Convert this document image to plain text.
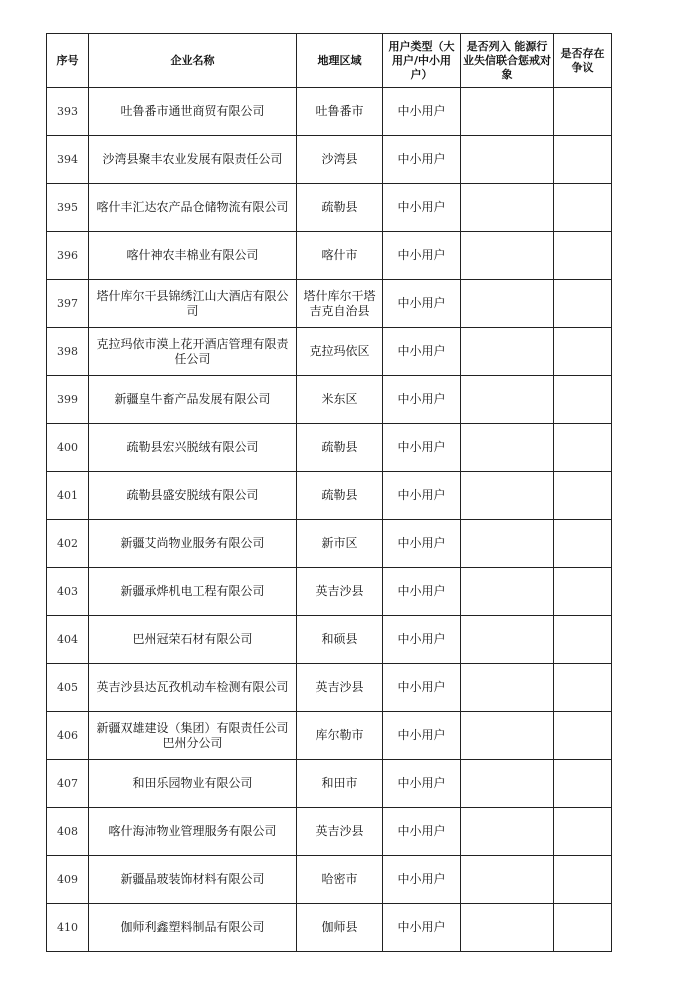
序号	企业名称	地理区域	用户类型（大用户/中小用户）	是否列入 能源行业失信联合惩戒对象	是否存在争议
393	吐鲁番市通世商贸有限公司	吐鲁番市	中小用户		
394	沙湾县聚丰农业发展有限责任公司	沙湾县	中小用户		
395	喀什丰汇达农产品仓储物流有限公司	疏勒县	中小用户		
396	喀什神农丰棉业有限公司	喀什市	中小用户		
397	塔什库尔干县锦绣江山大酒店有限公司	塔什库尔干塔吉克自治县	中小用户		
398	克拉玛依市漠上花开酒店管理有限责任公司	克拉玛依区	中小用户		
399	新疆皇牛畜产品发展有限公司	米东区	中小用户		
400	疏勒县宏兴脱绒有限公司	疏勒县	中小用户		
401	疏勒县盛安脱绒有限公司	疏勒县	中小用户		
402	新疆艾尚物业服务有限公司	新市区	中小用户		
403	新疆承烨机电工程有限公司	英吉沙县	中小用户		
404	巴州冠荣石材有限公司	和硕县	中小用户		
405	英吉沙县达瓦孜机动车检测有限公司	英吉沙县	中小用户		
406	新疆双雄建设（集团）有限责任公司巴州分公司	库尔勒市	中小用户		
407	和田乐园物业有限公司	和田市	中小用户		
408	喀什海沛物业管理服务有限公司	英吉沙县	中小用户		
409	新疆晶玻装饰材料有限公司	哈密市	中小用户		
410	伽师利鑫塑料制品有限公司	伽师县	中小用户		
